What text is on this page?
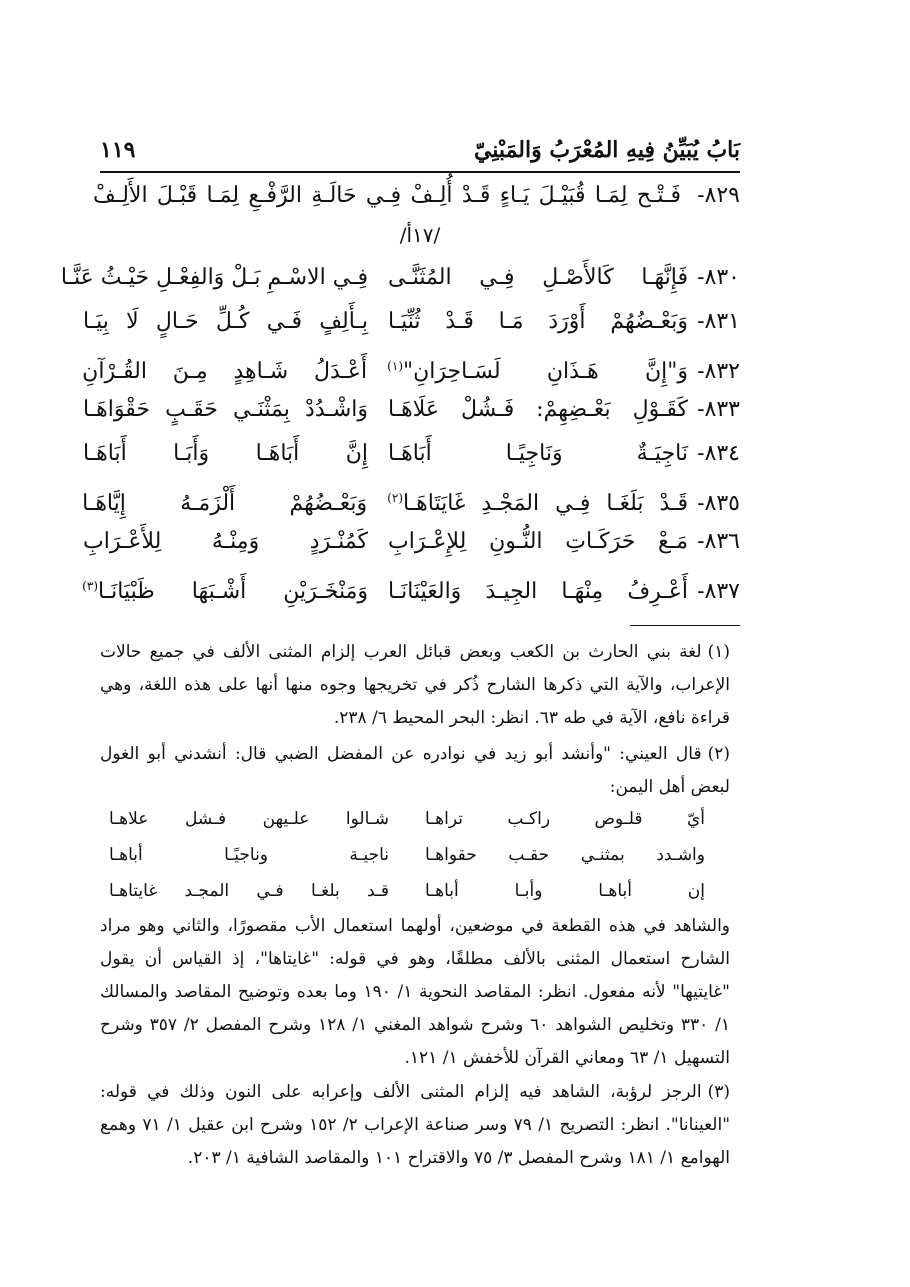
بَابُ يُبَيِّنُ فِيهِ المُعْرَبُ وَالمَبْنِيّ
١١٩
٨٢٩- فَـتْـح لِمَـا قُبَيْـلَ يَـاءٍ قَـدْ أُلِـفْ فِـي حَالَـةِ الرَّفْـعِ لِمَـا قَبْـلَ الأَلِـفْ
/١٧أ/
٨٣٠-فَإِنَّهَـا كَالأَصْـلِ فِـي المُثَنَّـىفِـي الاسْـمِ بَـلْ وَالفِعْـلِ حَيْـثُ عَنَّـا
٨٣١-وَبَعْـضُهُمْ أَوْرَدَ مَـا قَـدْ ثُنِّيَـابِـأَلِفٍ فَـي كُـلِّ حَـالٍ لَا بِيَـا
٨٣٢-وَ"إِنَّ هَـذَانِ لَسَـاحِرَانِ"$^{(١)}$أَعْـدَلُ شَـاهِدٍ مِـنَ القُـرْآنِ
٨٣٣-كَقَـوْلِ بَعْـضِهِمْ: فَـشُلْ عَلَاهَـاوَاشْـدُدْ بِمَثْنَـي حَقَـبٍ حَقْوَاهَـا
٨٣٤-نَاجِيَـةٌ وَنَاجِيًـا أَبَاهَـاإِنَّ أَبَاهَـا وَأَبَـا أَبَاهَـا
٨٣٥-قَـدْ بَلَغَـا فِـي المَجْـدِ غَايَتَاهَـا$^{(٢)}$وَبَعْـضُهُمْ أَلْزَمَـهُ إِيَّاهَـا
٨٣٦-مَـعْ حَرَكَـاتِ النُّـونِ لِلإِعْـرَابِكَمُنْـرَدٍ وَمِنْـهُ لِلأَعْـرَابِ
٨٣٧-أَعْـرِفُ مِنْهَـا الجِيـدَ وَالعَيْنَانَـاوَمَنْخَـرَيْنِ أَشْـبَهَا ظَبْيَانَـا$^{(٣)}$
(١)لغة بني الحارث بن الكعب وبعض قبائل العرب إلزام المثنى الألف في جميع حالات الإعراب، والآية التي ذكرها الشارح ذُكر في تخريجها وجوه منها أنها على هذه اللغة، وهي قراءة نافع، الآية في طه ٦٣. انظر: البحر المحيط ٦/ ٢٣٨.
(٢)قال العيني: "وأنشد أبو زيد في نوادره عن المفضل الضبي قال: أنشدني أبو الغول لبعض أهل اليمن:
أيّ قلـوص راكـب تراهـاشـالوا علـيهن فـشل علاهـا
واشـدد بمثنـي حقـب حقواهـاناجيـة وناجيًـا أباهـا
إن أباهـا وأبـا أباهـاقـد بلغـا فـي المجـد غايتاهـا
والشاهد في هذه القطعة في موضعين، أولهما استعمال الأب مقصورًا، والثاني وهو مراد الشارح استعمال المثنى بالألف مطلقًا، وهو في قوله: "غايتاها"، إذ القياس أن يقول "غايتيها" لأنه مفعول. انظر: المقاصد النحوية ١/ ١٩٠ وما بعده وتوضيح المقاصد والمسالك ١/ ٣٣٠ وتخليص الشواهد ٦٠ وشرح شواهد المغني ١/ ١٢٨ وشرح المفصل ٢/ ٣٥٧ وشرح التسهيل ١/ ٦٣ ومعاني القرآن للأخفش ١/ ١٢١.
(٣)الرجز لرؤبة، الشاهد فيه إلزام المثنى الألف وإعرابه على النون وذلك في قوله: "العينانا". انظر: التصريح ١/ ٧٩ وسر صناعة الإعراب ٢/ ١٥٢ وشرح ابن عقيل ١/ ٧١ وهمع الهوامع ١/ ١٨١ وشرح المفصل ٣/ ٧٥ والاقتراح ١٠١ والمقاصد الشافية ١/ ٢٠٣.
